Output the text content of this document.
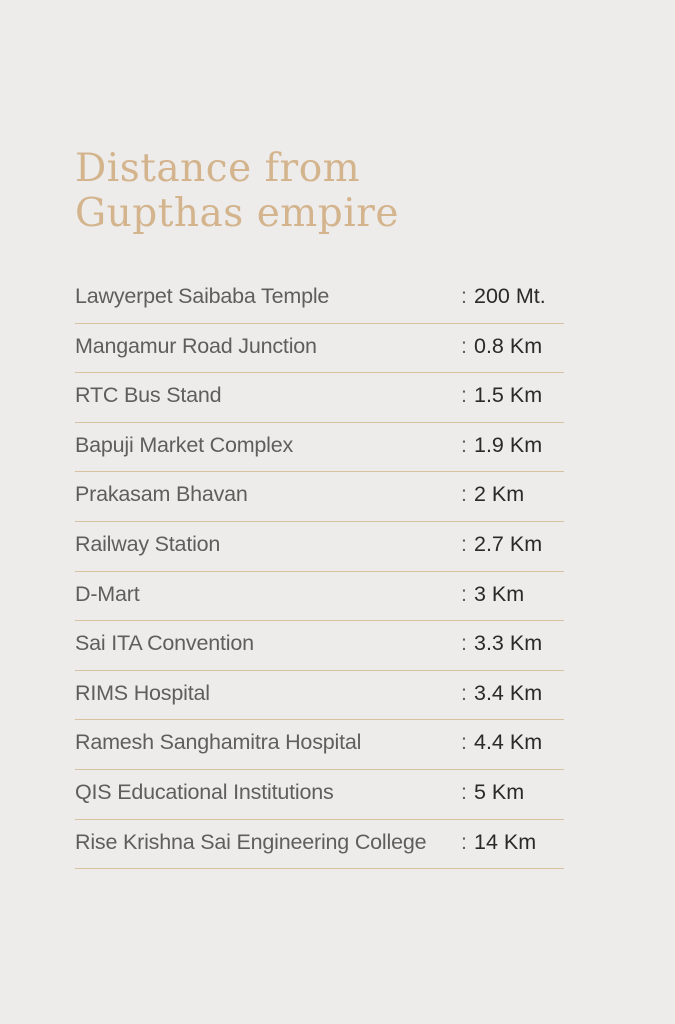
Distance from
Gupthas empire
Lawyerpet Saibaba Temple	: 200 Mt.
Mangamur Road Junction	: 0.8 Km
RTC Bus Stand	: 1.5 Km
Bapuji Market Complex	: 1.9 Km
Prakasam Bhavan	: 2 Km
Railway Station	: 2.7 Km
D-Mart	: 3 Km
Sai ITA Convention	: 3.3 Km
RIMS Hospital	: 3.4 Km
Ramesh Sanghamitra Hospital	: 4.4 Km
QIS Educational Institutions	: 5 Km
Rise Krishna Sai Engineering College : 14 Km
